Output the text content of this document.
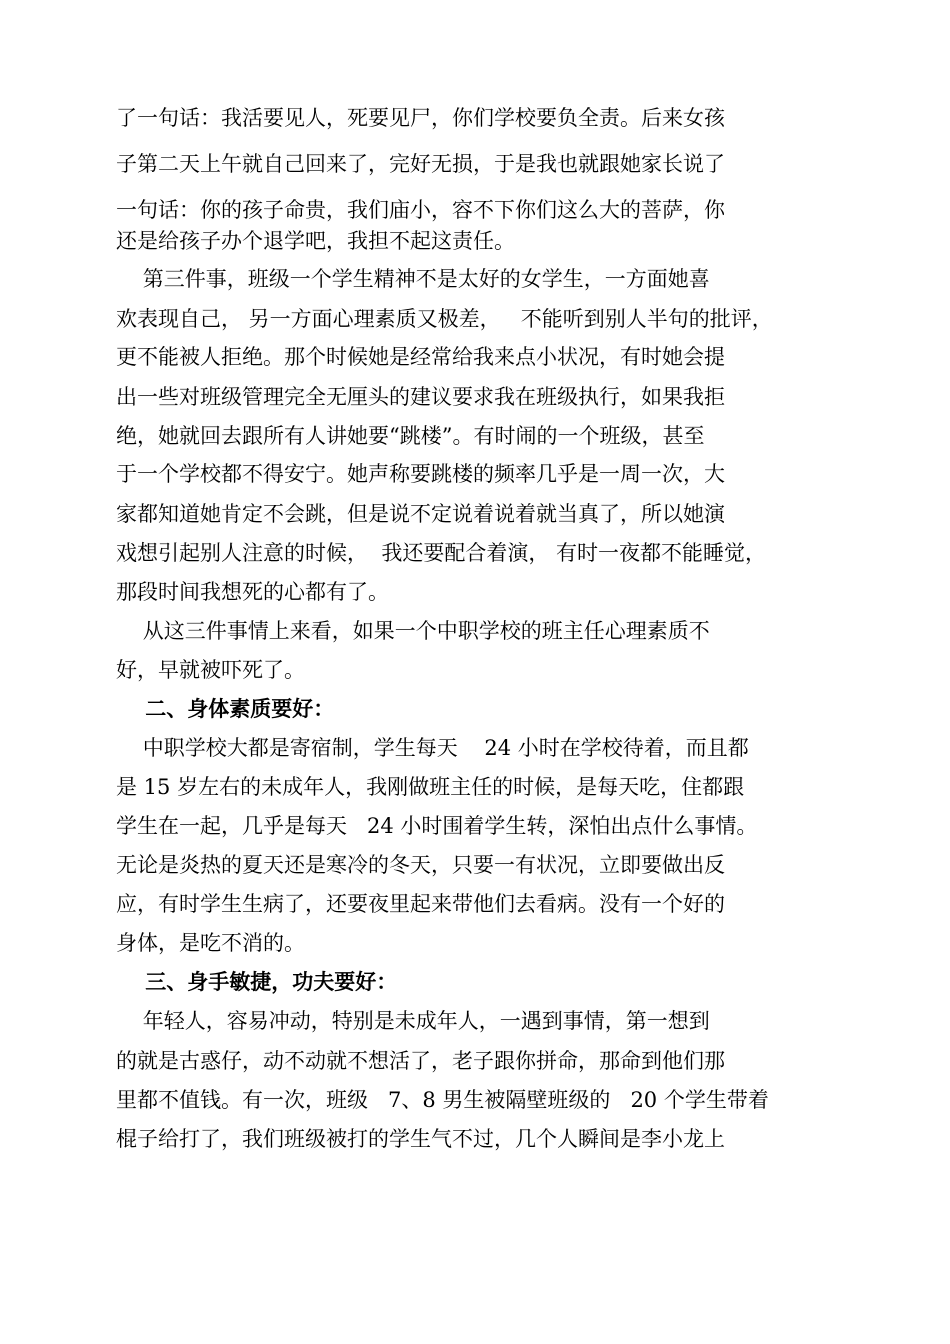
了一句话：我活要见人，死要见尸，你们学校要负全责。后来女孩
子第二天上午就自己回来了，完好无损，于是我也就跟她家长说了
一句话：你的孩子命贵，我们庙小，容不下你们这么大的菩萨，你
还是给孩子办个退学吧，我担不起这责任。
第三件事，班级一个学生精神不是太好的女学生，一方面她喜
欢表现自己， 另一方面心理素质又极差，   不能听到别人半句的批评，
更不能被人拒绝。那个时候她是经常给我来点小状况，有时她会提
出一些对班级管理完全无厘头的建议要求我在班级执行，如果我拒
绝，她就回去跟所有人讲她要“跳楼”。有时闹的一个班级，甚至
于一个学校都不得安宁。她声称要跳楼的频率几乎是一周一次，大
家都知道她肯定不会跳，但是说不定说着说着就当真了，所以她演
戏想引起别人注意的时候，  我还要配合着演， 有时一夜都不能睡觉，
那段时间我想死的心都有了。
从这三件事情上来看，如果一个中职学校的班主任心理素质不
好，早就被吓死了。
二、身体素质要好：
中职学校大都是寄宿制，学生每天    24 小时在学校待着，而且都
是 15 岁左右的未成年人，我刚做班主任的时候，是每天吃，住都跟
学生在一起，几乎是每天   24 小时围着学生转，深怕出点什么事情。
无论是炎热的夏天还是寒冷的冬天，只要一有状况，立即要做出反
应，有时学生生病了，还要夜里起来带他们去看病。没有一个好的
身体，是吃不消的。
三、身手敏捷，功夫要好：
年轻人，容易冲动，特别是未成年人，一遇到事情，第一想到
的就是古惑仔，动不动就不想活了，老子跟你拼命，那命到他们那
里都不值钱。有一次，班级   7、8 男生被隔壁班级的   20 个学生带着
棍子给打了，我们班级被打的学生气不过，几个人瞬间是李小龙上
